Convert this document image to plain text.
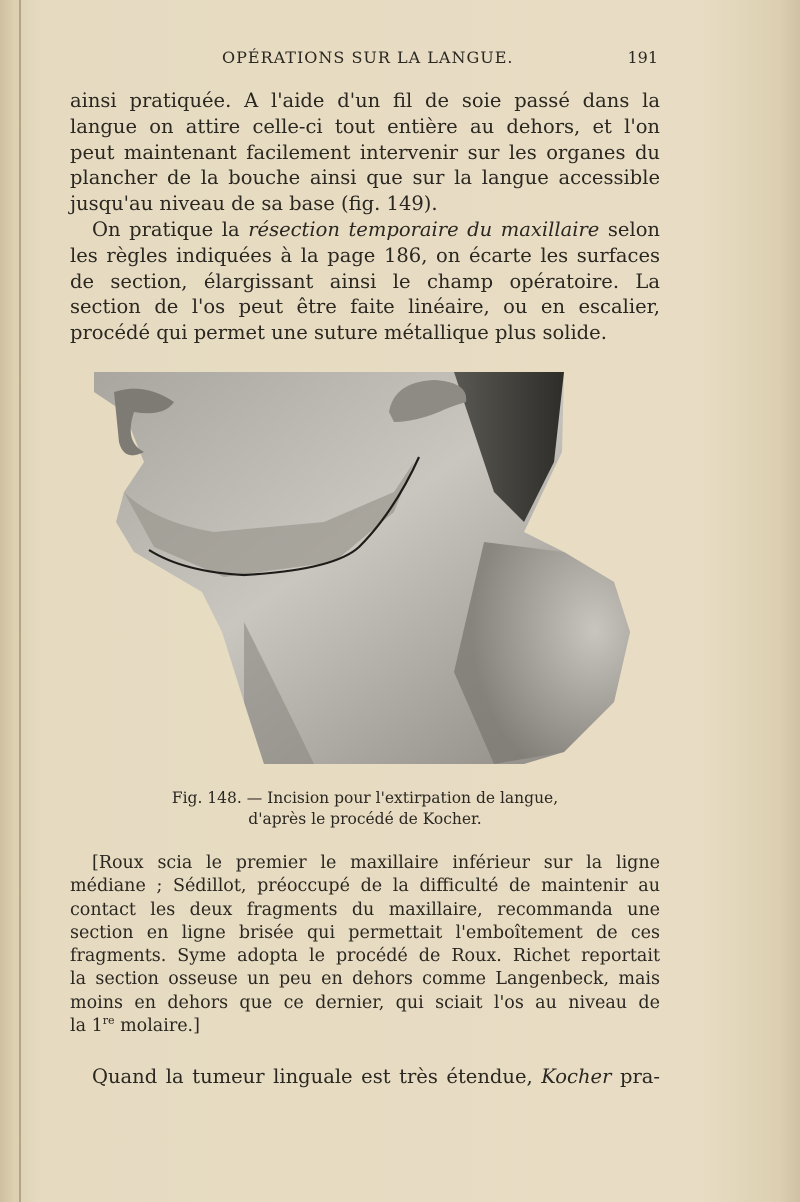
OPÉRATIONS SUR LA LANGUE.	191
ainsi pratiquée. A l'aide d'un fil de soie passé dans la
langue on attire celle-ci tout entière au dehors, et l'on
peut maintenant facilement intervenir sur les organes du
plancher de la bouche ainsi que sur la langue accessible
jusqu'au niveau de sa base (fig. 149).
On pratique la résection temporaire du maxillaire selon
les règles indiquées à la page 186, on écarte les surfaces
de section, élargissant ainsi le champ opératoire. La
section de l'os peut être faite linéaire, ou en escalier,
procédé qui permet une suture métallique plus solide.
Fig. 148. — Incision pour l'extirpation de langue,
d'après le procédé de Kocher.
[Roux scia le premier le maxillaire inférieur sur la ligne
médiane ; Sédillot, préoccupé de la difficulté de maintenir au
contact les deux fragments du maxillaire, recommanda une
section en ligne brisée qui permettait l'emboîtement de ces
fragments. Syme adopta le procédé de Roux. Richet reportait
la section osseuse un peu en dehors comme Langenbeck, mais
moins en dehors que ce dernier, qui sciait l'os au niveau de
la 1re molaire.]
Quand la tumeur linguale est très étendue, Kocher pra-
